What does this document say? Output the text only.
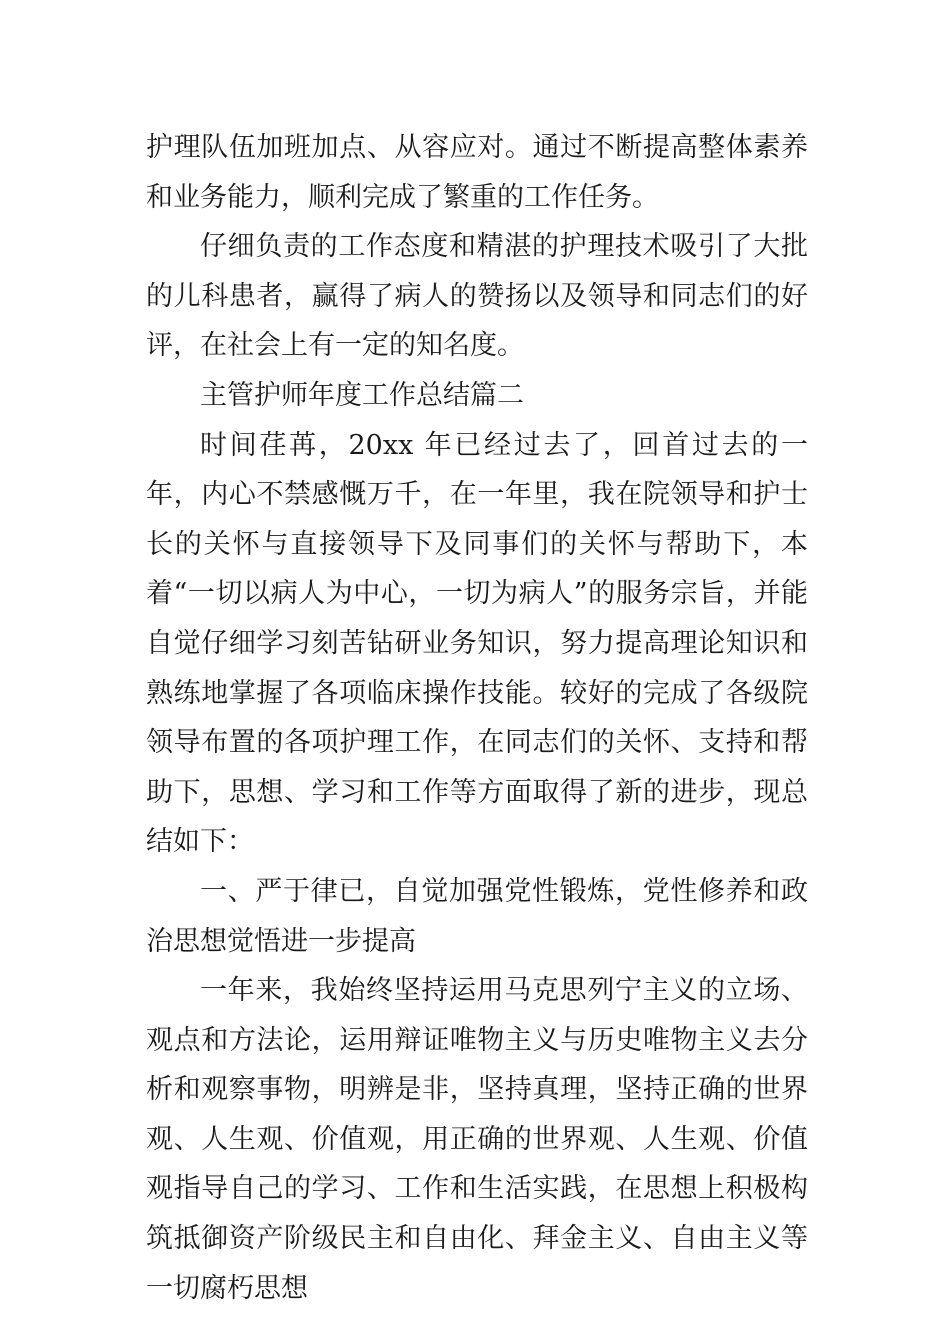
护理队伍加班加点、从容应对。通过不断提高整体素养和业务能力，顺利完成了繁重的工作任务。

仔细负责的工作态度和精湛的护理技术吸引了大批的儿科患者，赢得了病人的赞扬以及领导和同志们的好评，在社会上有一定的知名度。

主管护师年度工作总结篇二

时间荏苒，20xx 年已经过去了，回首过去的一年，内心不禁感慨万千，在一年里，我在院领导和护士长的关怀与直接领导下及同事们的关怀与帮助下，本着“一切以病人为中心，一切为病人”的服务宗旨，并能自觉仔细学习刻苦钻研业务知识，努力提高理论知识和熟练地掌握了各项临床操作技能。较好的完成了各级院领导布置的各项护理工作，在同志们的关怀、支持和帮助下，思想、学习和工作等方面取得了新的进步，现总结如下：

一、严于律已，自觉加强党性锻炼，党性修养和政治思想觉悟进一步提高

一年来，我始终坚持运用马克思列宁主义的立场、观点和方法论，运用辩证唯物主义与历史唯物主义去分析和观察事物，明辨是非，坚持真理，坚持正确的世界观、人生观、价值观，用正确的世界观、人生观、价值观指导自己的学习、工作和生活实践，在思想上积极构筑抵御资产阶级民主和自由化、拜金主义、自由主义等一切腐朽思想
